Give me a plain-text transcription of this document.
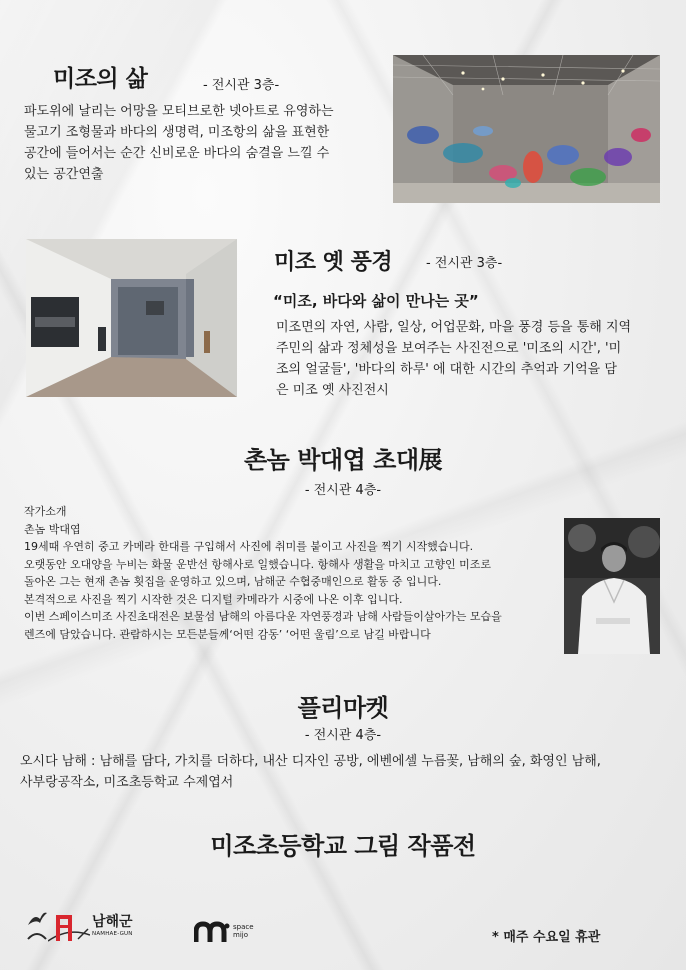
미조의 삶	- 전시관 3층-
파도위에 날리는 어망을 모티브로한 넷아트로 유영하는
물고기 조형물과 바다의 생명력, 미조항의 삶을 표현한
공간에 들어서는 순간 신비로운 바다의 숨결을 느낄 수
있는 공간연출
미조 옛 풍경	- 전시관 3층-
“미조, 바다와 삶이 만나는 곳”
미조면의 자연, 사람, 일상, 어업문화, 마을 풍경 등을 통해 지역
주민의 삶과 정체성을 보여주는 사진전으로 '미조의 시간', '미
조의 얼굴들', '바다의 하루' 에 대한 시간의 추억과 기억을 담
은 미조 옛 사진전시
촌놈 박대엽 초대展
- 전시관 4층-
작가소개
촌놈 박대엽
19세때 우연히 중고 카메라 한대를 구입해서 사진에 취미를 붙이고 사진을 찍기 시작했습니다.
오랫동안 오대양을 누비는 화물 운반선 항해사로 일했습니다. 항해사 생활을 마치고 고향인 미조로
돌아온 그는 현재 촌놈 횟집을 운영하고 있으며, 남해군 수협중매인으로 활동 중 입니다.
본격적으로 사진을 찍기 시작한 것은 디지털 카메라가 시중에 나온 이후 입니다.
이번 스페이스미조 사진초대전은 보물섬 남해의 아름다운 자연풍경과 남해 사람들이살아가는 모습을
렌즈에 담았습니다. 관람하시는 모든분들께‘어떤 감동’ ‘어떤 울림’으로 남길 바랍니다
플리마켓
- 전시관 4층-
오시다 남해 : 남해를 담다, 가치를 더하다, 내산 디자인 공방, 에벤에셀 누름꽃, 남해의 숲, 화영인 남해,
사부랑공작소, 미조초등학교 수제엽서
미조초등학교 그림 작품전
남해군
NAMHAE-GUN
space
mijo	* 매주 수요일 휴관
